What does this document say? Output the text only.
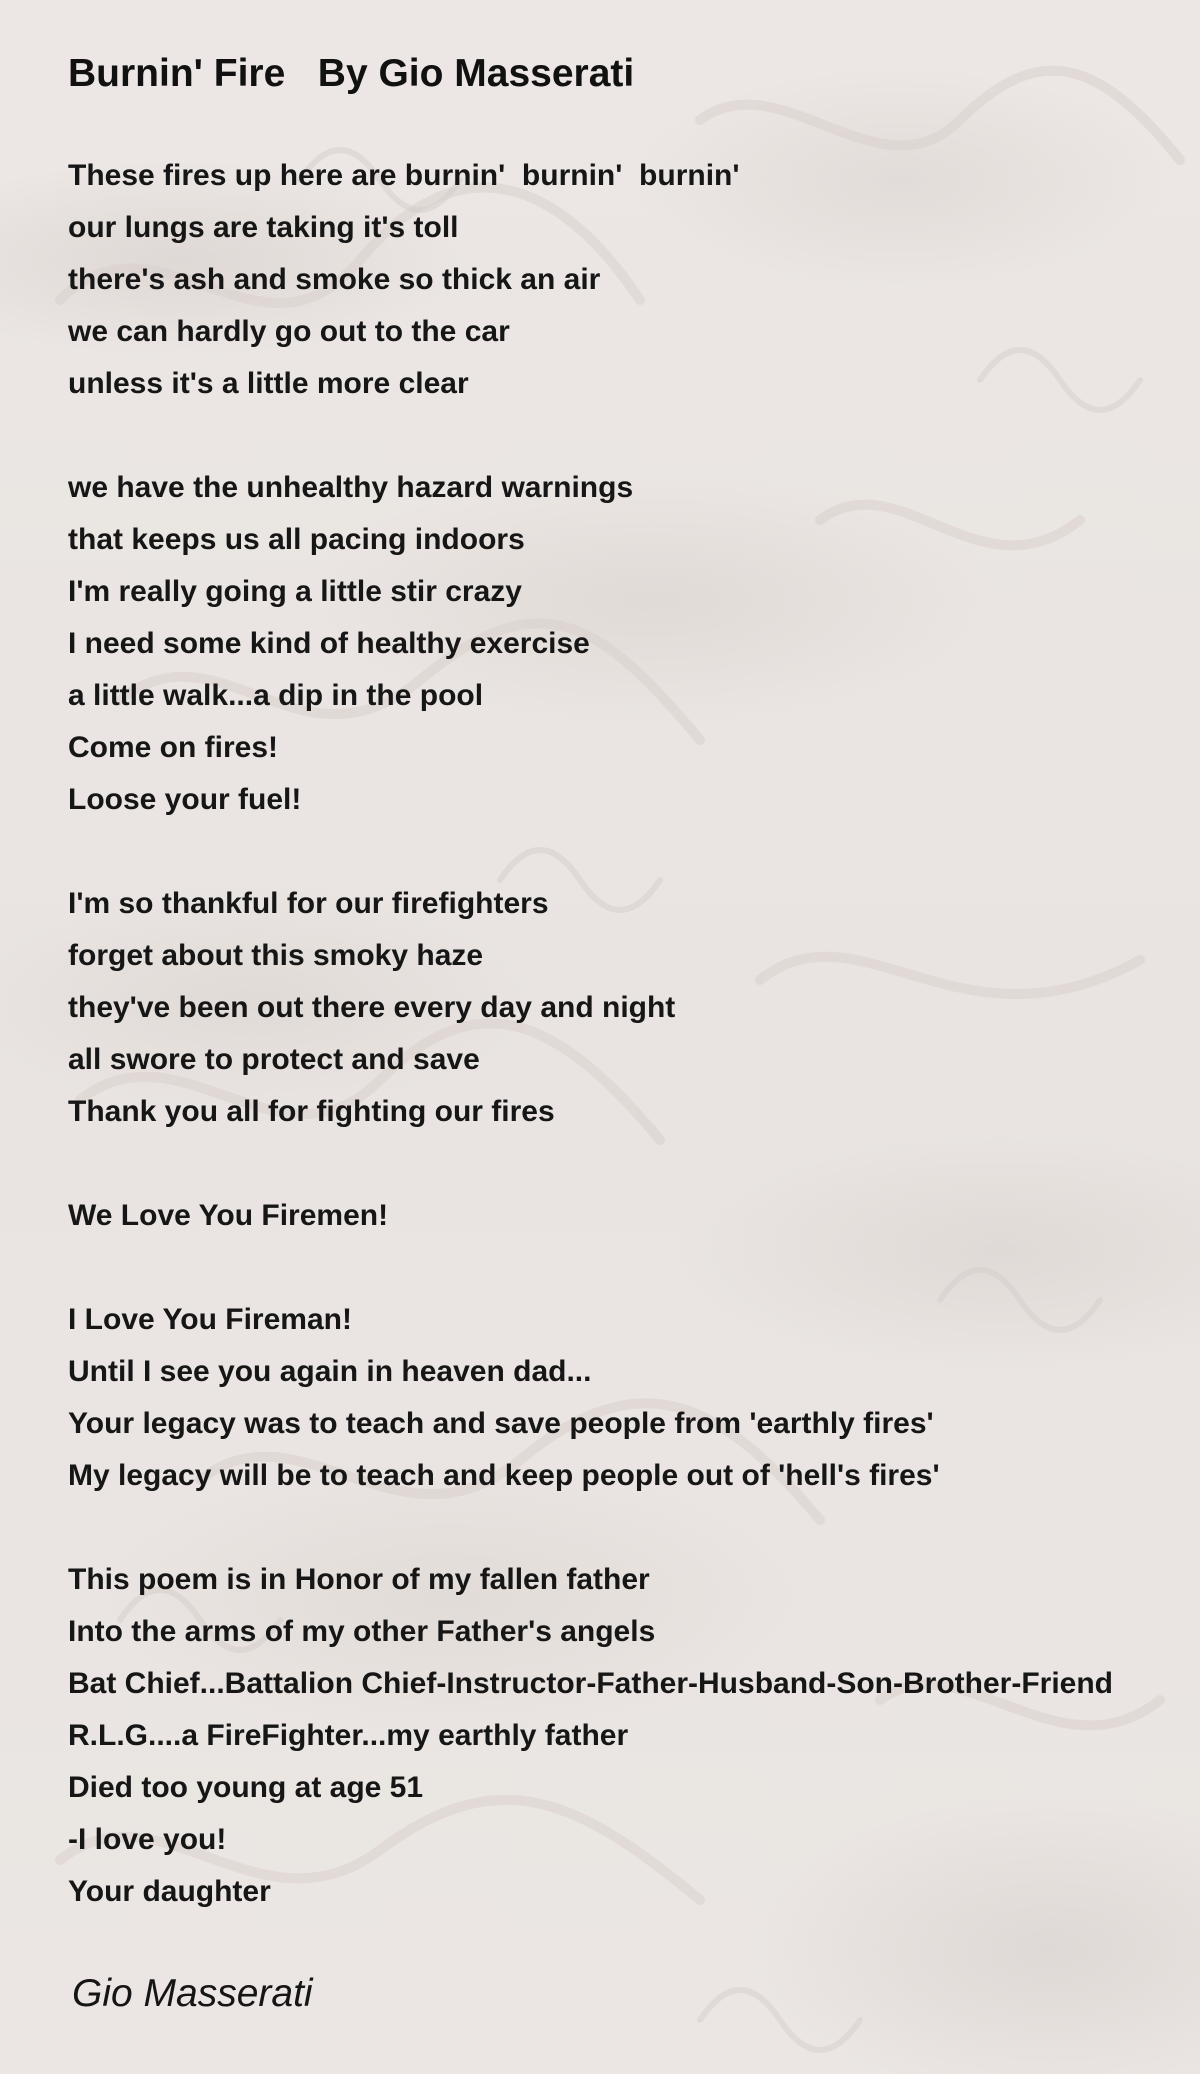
Burnin' Fire   By Gio Masserati
These fires up here are burnin'  burnin'  burnin'
our lungs are taking it's toll
there's ash and smoke so thick an air
we can hardly go out to the car
unless it's a little more clear
we have the unhealthy hazard warnings
that keeps us all pacing indoors
I'm really going a little stir crazy
I need some kind of healthy exercise
a little walk...a dip in the pool
Come on fires!
Loose your fuel!
I'm so thankful for our firefighters
forget about this smoky haze
they've been out there every day and night
all swore to protect and save
Thank you all for fighting our fires
We Love You Firemen!
I Love You Fireman!
Until I see you again in heaven dad...
Your legacy was to teach and save people from 'earthly fires'
My legacy will be to teach and keep people out of 'hell's fires'
This poem is in Honor of my fallen father
Into the arms of my other Father's angels
Bat Chief...Battalion Chief-Instructor-Father-Husband-Son-Brother-Friend
R.L.G....a FireFighter...my earthly father
Died too young at age 51
-I love you!
Your daughter
Gio Masserati
